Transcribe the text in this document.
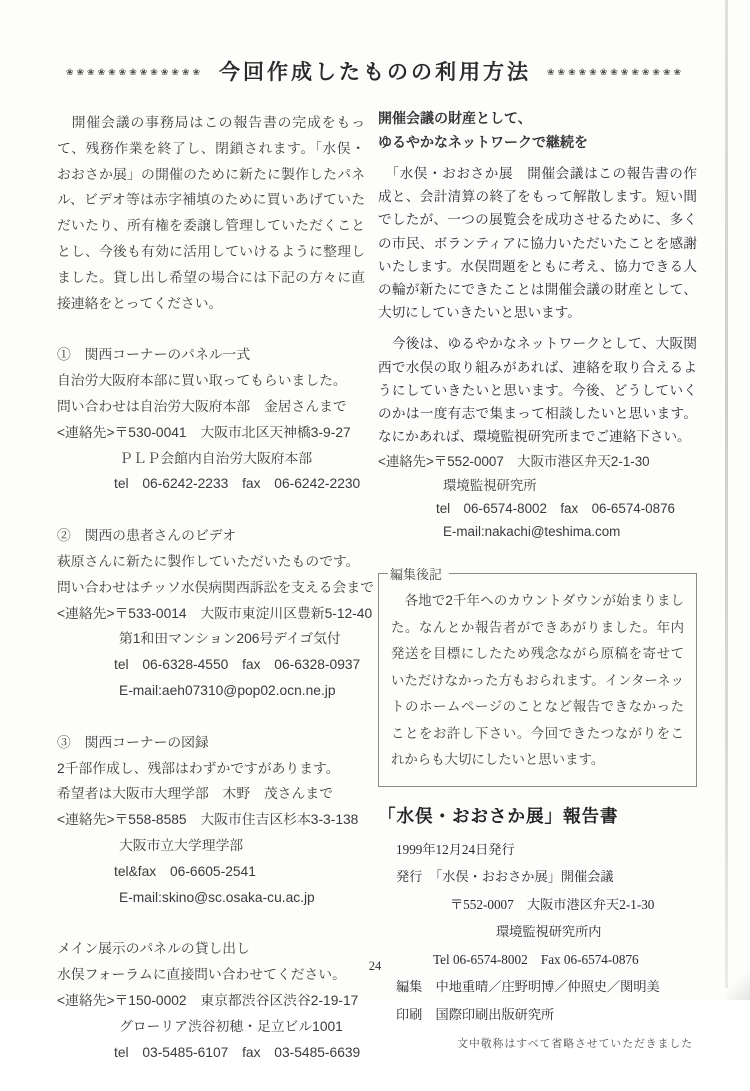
❀❀❀❀❀❀❀❀❀❀❀❀❀ 今回作成したものの利用方法 ❀❀❀❀❀❀❀❀❀❀❀❀❀

　開催会議の事務局はこの報告書の完成をもって、残務作業を終了し、閉鎖されます。「水俣・おおさか展」の開催のために新たに製作したパネル、ビデオ等は赤字補填のために買いあげていただいたり、所有権を委譲し管理していただくこととし、今後も有効に活用していけるように整理しました。貸し出し希望の場合には下記の方々に直接連絡をとってください。

①　関西コーナーのパネル一式
自治労大阪府本部に買い取ってもらいました。
問い合わせは自治労大阪府本部　金居さんまで
<連絡先>〒530-0041　大阪市北区天神橋3-9-27
ＰＬＰ会館内自治労大阪府本部
tel　06-6242-2233　fax　06-6242-2230
②　関西の患者さんのビデオ
萩原さんに新たに製作していただいたものです。
問い合わせはチッソ水俣病関西訴訟を支える会まで
<連絡先>〒533-0014　大阪市東淀川区豊新5-12-40
第1和田マンション206号デイゴ気付
tel　06-6328-4550　fax　06-6328-0937
E-mail:aeh07310@pop02.ocn.ne.jp
③　関西コーナーの図録
2千部作成し、残部はわずかですがあります。
希望者は大阪市大理学部　木野　茂さんまで
<連絡先>〒558-8585　大阪市住吉区杉本3-3-138
大阪市立大学理学部
tel&fax　06-6605-2541
E-mail:skino@sc.osaka-cu.ac.jp
メイン展示のパネルの貸し出し
水俣フォーラムに直接問い合わせてください。
<連絡先>〒150-0002　東京都渋谷区渋谷2-19-17
グローリア渋谷初穂・足立ビル1001
tel　03-5485-6107　fax　03-5485-6639
開催会議の財産として、
ゆるやかなネットワークで継続を

　「水俣・おおさか展　開催会議はこの報告書の作成と、会計清算の終了をもって解散します。短い間でしたが、一つの展覧会を成功させるために、多くの市民、ボランティアに協力いただいたことを感謝いたします。水俣問題をともに考え、協力できる人の輪が新たにできたことは開催会議の財産として、大切にしていきたいと思います。

　今後は、ゆるやかなネットワークとして、大阪関西で水俣の取り組みがあれば、連絡を取り合えるようにしていきたいと思います。今後、どうしていくのかは一度有志で集まって相談したいと思います。なにかあれば、環境監視研究所までご連絡下さい。

<連絡先>〒552-0007　大阪市港区弁天2-1-30
環境監視研究所
tel　06-6574-8002　fax　06-6574-0876
E-mail:nakachi@teshima.com
編集後記
　各地で2千年へのカウントダウンが始まりました。なんとか報告者ができあがりました。年内発送を目標にしたため残念ながら原稿を寄せていただけなかった方もおられます。インターネットのホームページのことなど報告できなかったことをお許し下さい。今回できたつながりをこれからも大切にしたいと思います。
「水俣・おおさか展」報告書
1999年12月24日発行
発行　「水俣・おおさか展」開催会議
〒552-0007　大阪市港区弁天2-1-30
環境監視研究所内
Tel 06-6574-8002　Fax 06-6574-0876
編集　中地重晴／庄野明博／仲照史／関明美
印刷　国際印刷出版研究所
文中敬称はすべて省略させていただきました
24
